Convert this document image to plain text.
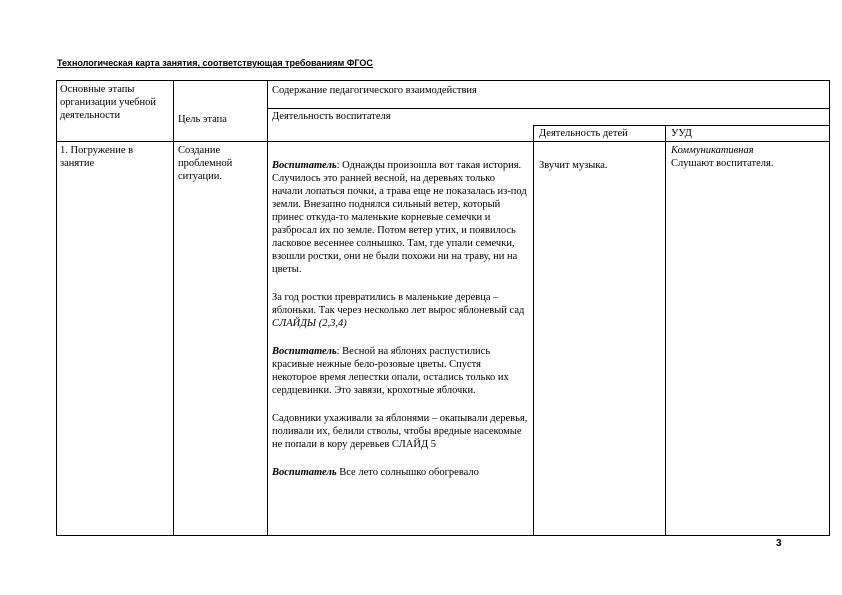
Технологическая карта занятия, соответствующая требованиям ФГОС
Основные этапы организации учебной деятельности	Цель этапа
Содержание педагогического взаимодействия
Деятельность воспитателя
Деятельность детей	УУД
1. Погружение в занятие
Создание проблемной ситуации.

Воспитатель: Однажды произошла вот такая история. Случилось это ранней весной, на деревьях только начали лопаться почки, а трава еще не показалась из-под земли. Внезапно поднялся сильный ветер, который принес откуда-то маленькие корневые семечки и разбросал их по земле. Потом ветер утих, и появилось ласковое весеннее солнышко. Там, где упали семечки, взошли ростки, они не были похожи ни на траву, ни на цветы.

За год ростки превратились в маленькие деревца – яблоньки. Так через несколько лет вырос яблоневый сад СЛАЙДЫ (2,3,4)

Воспитатель: Весной на яблонях распустились красивые нежные бело-розовые цветы. Спустя некоторое время лепестки опали, остались только их сердцевинки. Это завязи, крохотные яблочки.

Садовники ухаживали за яблонями – окапывали деревья, поливали их, белили стволы, чтобы вредные насекомые не попали в кору деревьев СЛАЙД 5

Воспитатель Все лето солнышко обогревало

Звучит музыка.
Коммуникативная
Слушают воспитателя.
3
